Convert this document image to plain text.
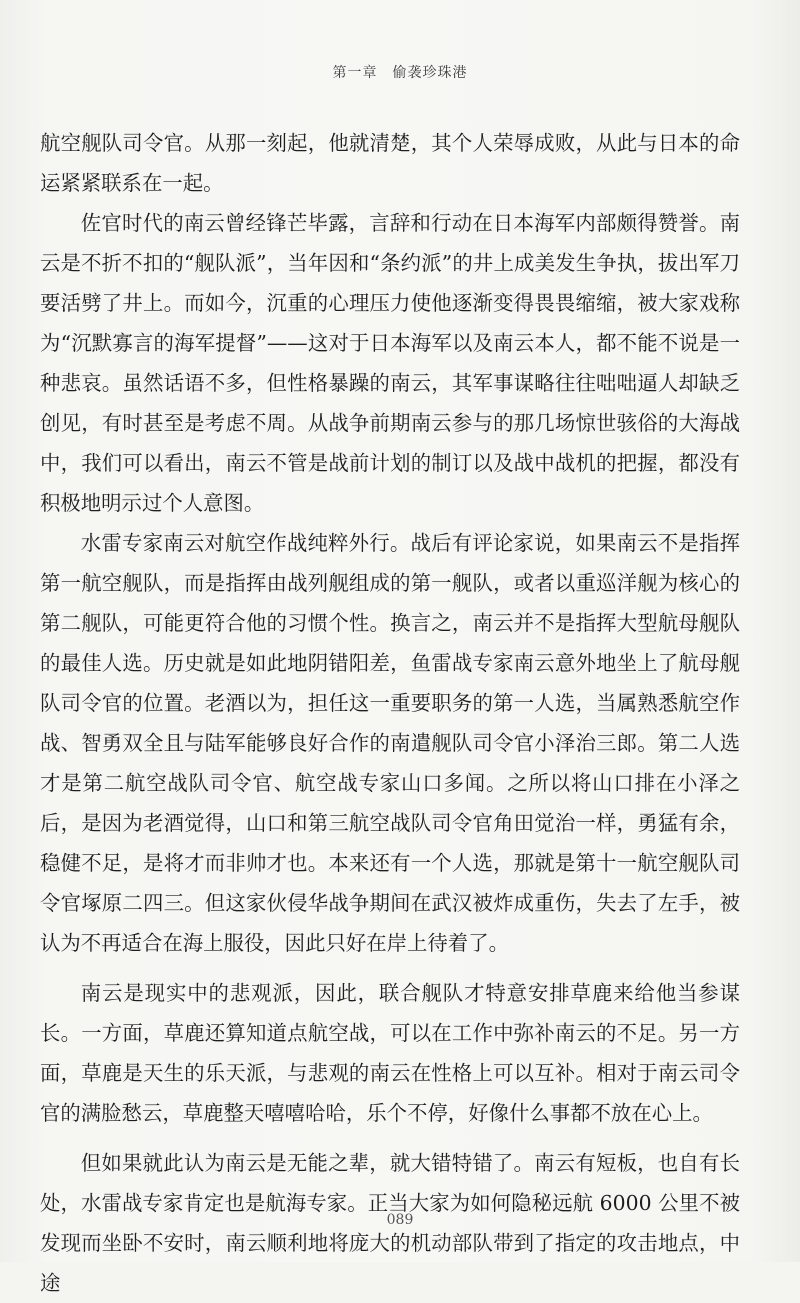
第一章　偷袭珍珠港

航空舰队司令官。从那一刻起，他就清楚，其个人荣辱成败，从此与日本的命运紧紧联系在一起。

佐官时代的南云曾经锋芒毕露，言辞和行动在日本海军内部颇得赞誉。南云是不折不扣的“舰队派”，当年因和“条约派”的井上成美发生争执，拔出军刀要活劈了井上。而如今，沉重的心理压力使他逐渐变得畏畏缩缩，被大家戏称为“沉默寡言的海军提督”——这对于日本海军以及南云本人，都不能不说是一种悲哀。虽然话语不多，但性格暴躁的南云，其军事谋略往往咄咄逼人却缺乏创见，有时甚至是考虑不周。从战争前期南云参与的那几场惊世骇俗的大海战中，我们可以看出，南云不管是战前计划的制订以及战中战机的把握，都没有积极地明示过个人意图。

水雷专家南云对航空作战纯粹外行。战后有评论家说，如果南云不是指挥第一航空舰队，而是指挥由战列舰组成的第一舰队，或者以重巡洋舰为核心的第二舰队，可能更符合他的习惯个性。换言之，南云并不是指挥大型航母舰队的最佳人选。历史就是如此地阴错阳差，鱼雷战专家南云意外地坐上了航母舰队司令官的位置。老酒以为，担任这一重要职务的第一人选，当属熟悉航空作战、智勇双全且与陆军能够良好合作的南遣舰队司令官小泽治三郎。第二人选才是第二航空战队司令官、航空战专家山口多闻。之所以将山口排在小泽之后，是因为老酒觉得，山口和第三航空战队司令官角田觉治一样，勇猛有余，稳健不足，是将才而非帅才也。本来还有一个人选，那就是第十一航空舰队司令官塚原二四三。但这家伙侵华战争期间在武汉被炸成重伤，失去了左手，被认为不再适合在海上服役，因此只好在岸上待着了。

南云是现实中的悲观派，因此，联合舰队才特意安排草鹿来给他当参谋长。一方面，草鹿还算知道点航空战，可以在工作中弥补南云的不足。另一方面，草鹿是天生的乐天派，与悲观的南云在性格上可以互补。相对于南云司令官的满脸愁云，草鹿整天嘻嘻哈哈，乐个不停，好像什么事都不放在心上。

但如果就此认为南云是无能之辈，就大错特错了。南云有短板，也自有长处，水雷战专家肯定也是航海专家。正当大家为如何隐秘远航 6000 公里不被发现而坐卧不安时，南云顺利地将庞大的机动部队带到了指定的攻击地点，中途

089
